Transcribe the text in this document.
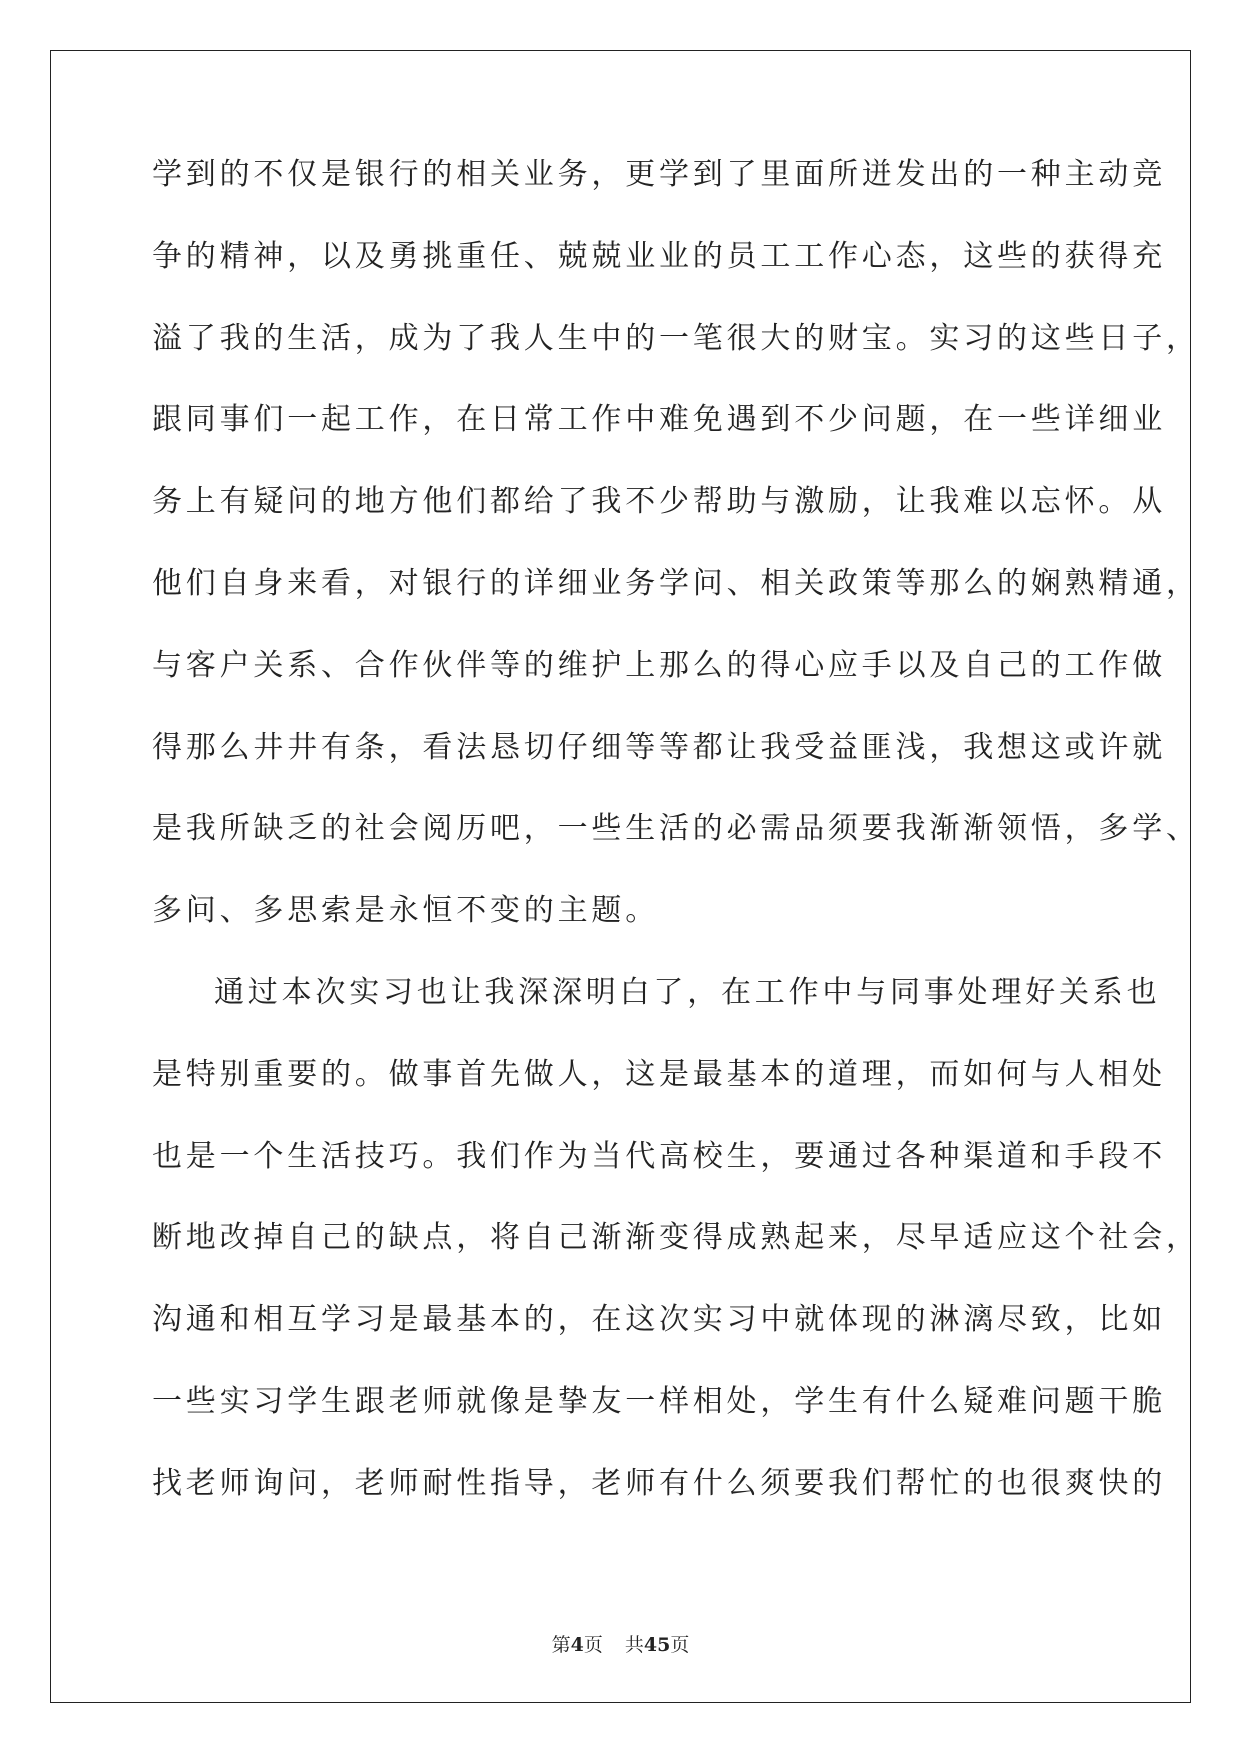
学到的不仅是银行的相关业务，更学到了里面所迸发出的一种主动竞
争的精神，以及勇挑重任、兢兢业业的员工工作心态，这些的获得充
溢了我的生活，成为了我人生中的一笔很大的财宝。实习的这些日子，
跟同事们一起工作，在日常工作中难免遇到不少问题，在一些详细业
务上有疑问的地方他们都给了我不少帮助与激励，让我难以忘怀。从
他们自身来看，对银行的详细业务学问、相关政策等那么的娴熟精通，
与客户关系、合作伙伴等的维护上那么的得心应手以及自己的工作做
得那么井井有条，看法恳切仔细等等都让我受益匪浅，我想这或许就
是我所缺乏的社会阅历吧，一些生活的必需品须要我渐渐领悟，多学、
多问、多思索是永恒不变的主题。
通过本次实习也让我深深明白了，在工作中与同事处理好关系也
是特别重要的。做事首先做人，这是最基本的道理，而如何与人相处
也是一个生活技巧。我们作为当代高校生，要通过各种渠道和手段不
断地改掉自己的缺点，将自己渐渐变得成熟起来，尽早适应这个社会，
沟通和相互学习是最基本的，在这次实习中就体现的淋漓尽致，比如
一些实习学生跟老师就像是挚友一样相处，学生有什么疑难问题干脆
找老师询问，老师耐性指导，老师有什么须要我们帮忙的也很爽快的
第4页 共45页
